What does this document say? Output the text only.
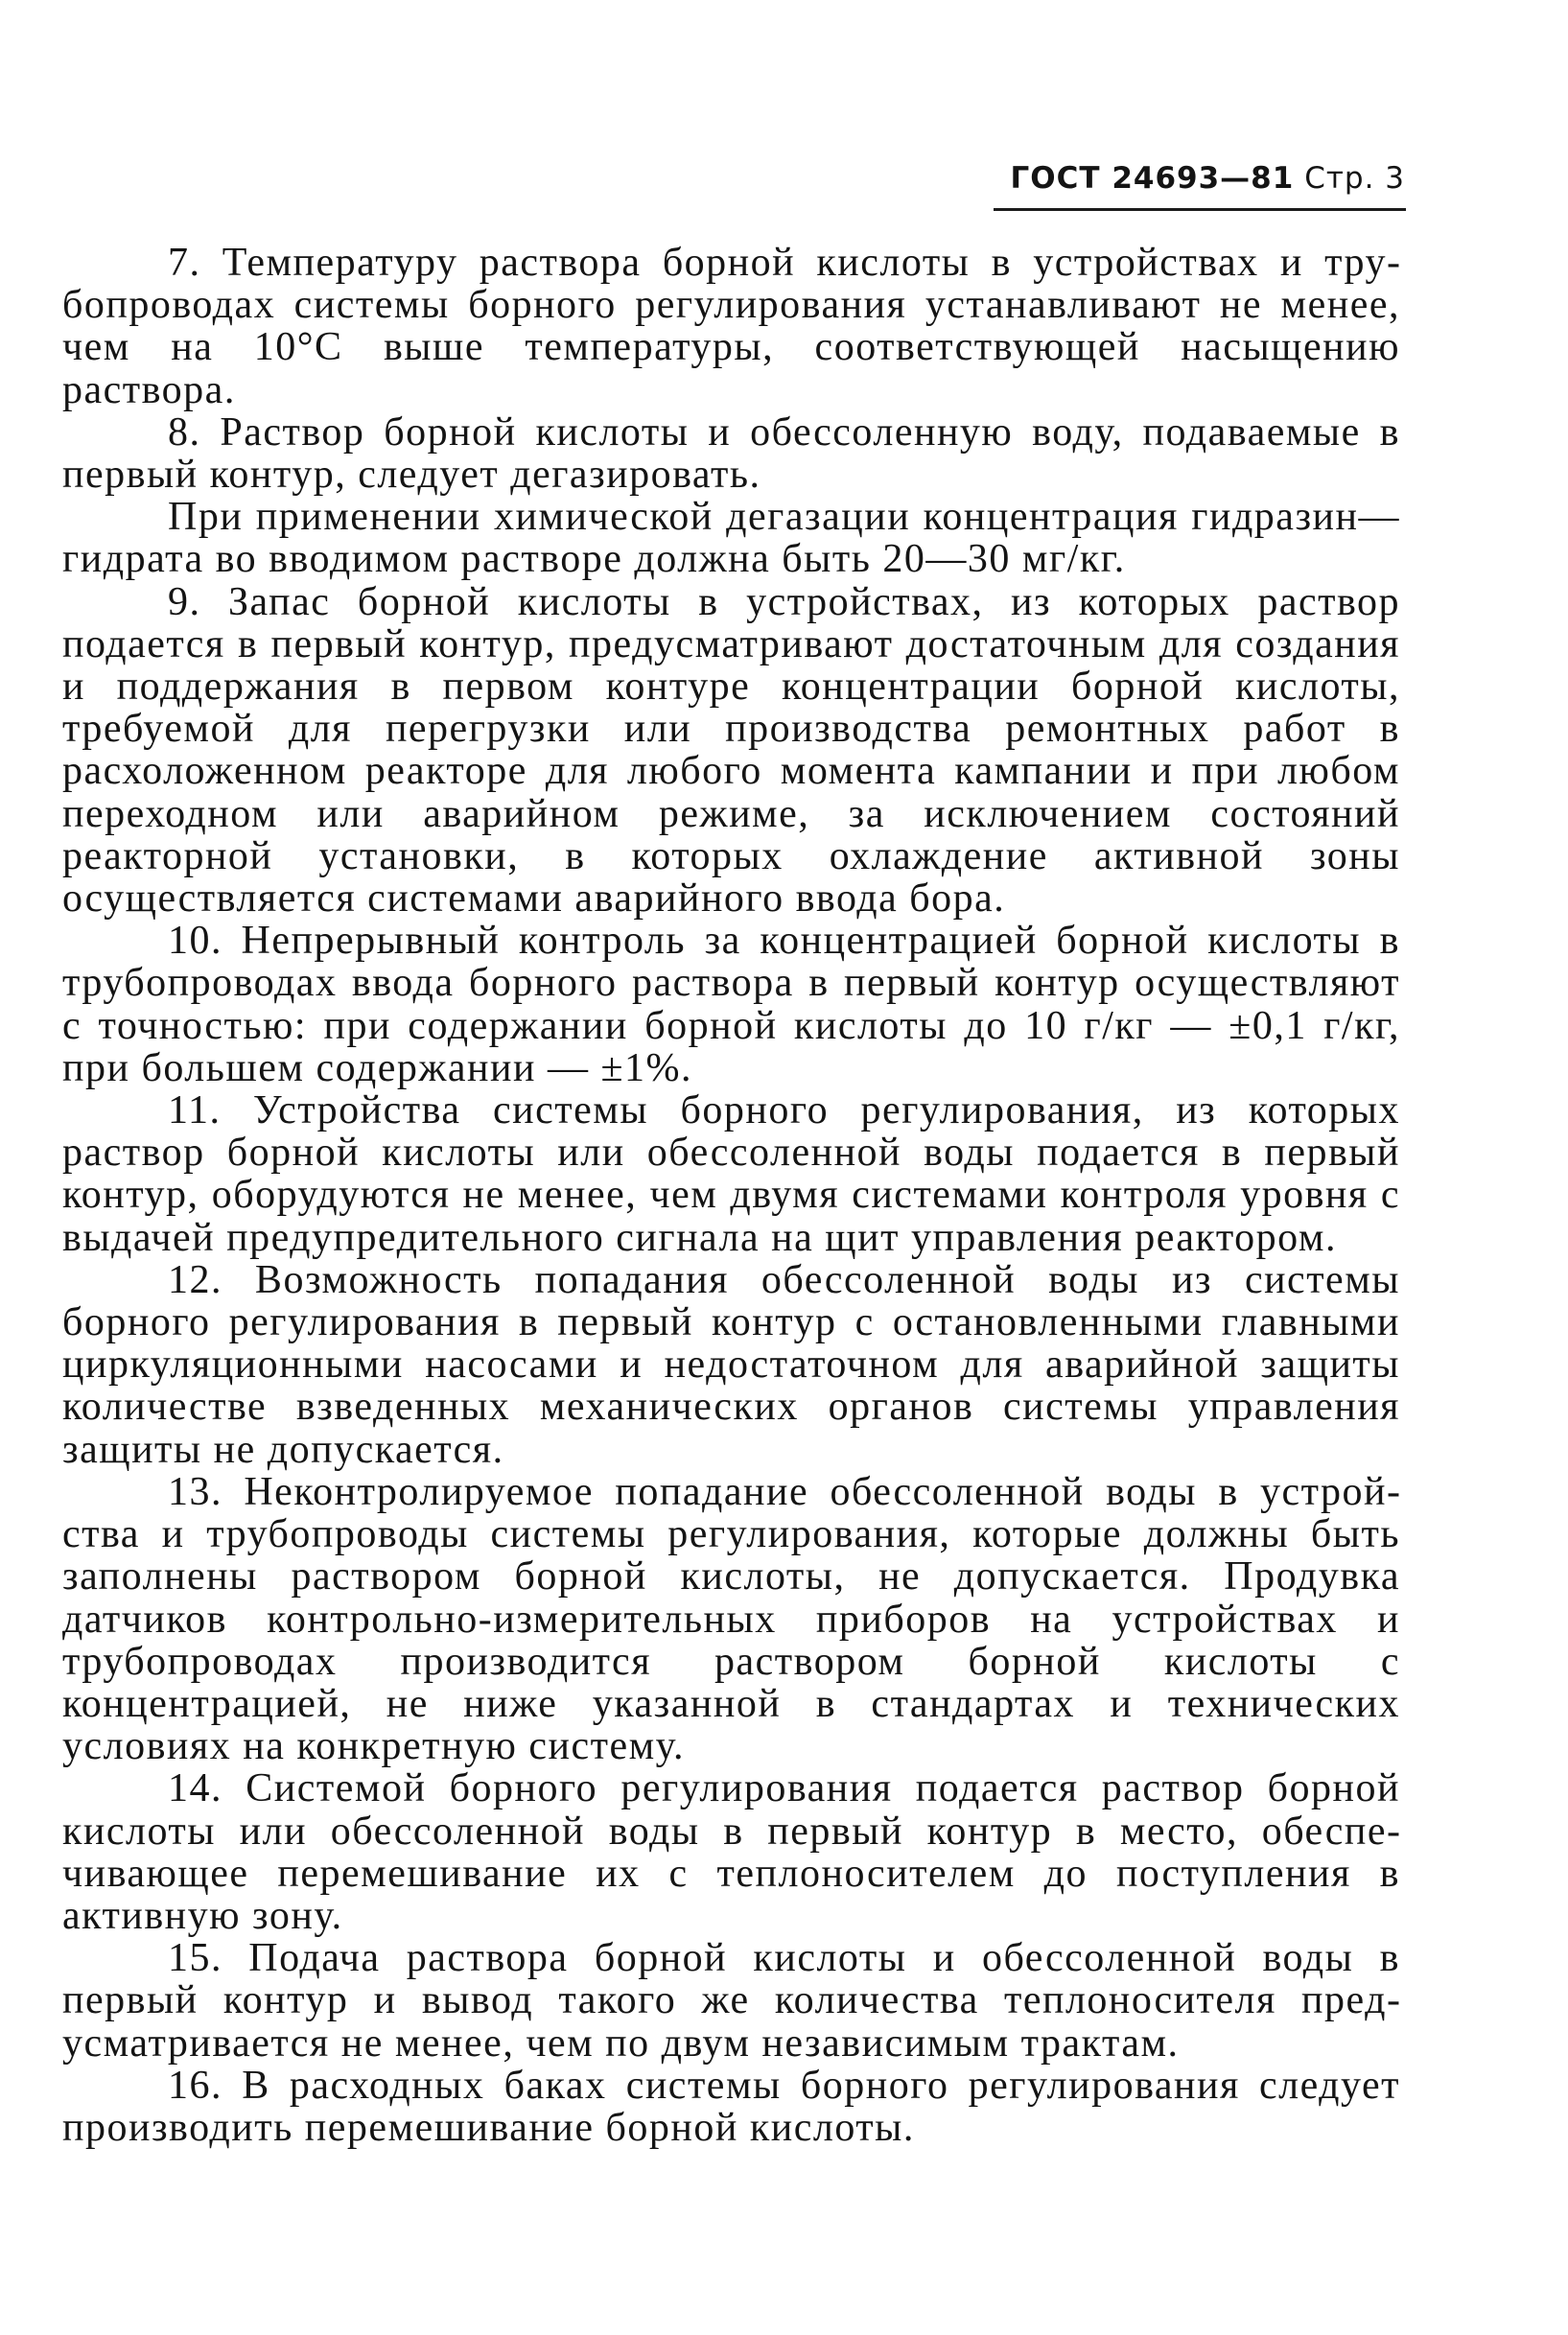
ГОСТ 24693—81 Стр. 3

7. Температуру раствора борной кислоты в устройствах и трубопроводах системы борного регулирования устанавливают не менее, чем на 10°С выше температуры, соответствующей насыщению раствора.

8. Раствор борной кислоты и обессоленную воду, подаваемые в первый контур, следует дегазировать.

При применении химической дегазации концентрация гидразин—гидрата во вводимом растворе должна быть 20—30 мг/кг.

9. Запас борной кислоты в устройствах, из которых раствор подается в первый контур, предусматривают достаточным для создания и поддержания в первом контуре концентрации борной кислоты, требуемой для перегрузки или производства ремонтных работ в расхоложенном реакторе для любого момента кампании и при любом переходном или аварийном режиме, за исключением состояний реакторной установки, в которых охлаждение активной зоны осуществляется системами аварийного ввода бора.

10. Непрерывный контроль за концентрацией борной кислоты в трубопроводах ввода борного раствора в первый контур осуществляют с точностью: при содержании борной кислоты до 10 г/кг — ±0,1 г/кг, при большем содержании — ±1%.

11. Устройства системы борного регулирования, из которых раствор борной кислоты или обессоленной воды подается в первый контур, оборудуются не менее, чем двумя системами контроля уровня с выдачей предупредительного сигнала на щит управления реактором.

12. Возможность попадания обессоленной воды из системы борного регулирования в первый контур с остановленными главными циркуляционными насосами и недостаточном для аварийной защиты количестве взведенных механических органов системы управления защиты не допускается.

13. Неконтролируемое попадание обессоленной воды в устройства и трубопроводы системы регулирования, которые должны быть заполнены раствором борной кислоты, не допускается. Продувка датчиков контрольно-измерительных приборов на устройствах и трубопроводах производится раствором борной кислоты с концентрацией, не ниже указанной в стандартах и технических условиях на конкретную систему.

14. Системой борного регулирования подается раствор борной кислоты или обессоленной воды в первый контур в место, обеспечивающее перемешивание их с теплоносителем до поступления в активную зону.

15. Подача раствора борной кислоты и обессоленной воды в первый контур и вывод такого же количества теплоносителя предусматривается не менее, чем по двум независимым трактам.

16. В расходных баках системы борного регулирования следует производить перемешивание борной кислоты.
